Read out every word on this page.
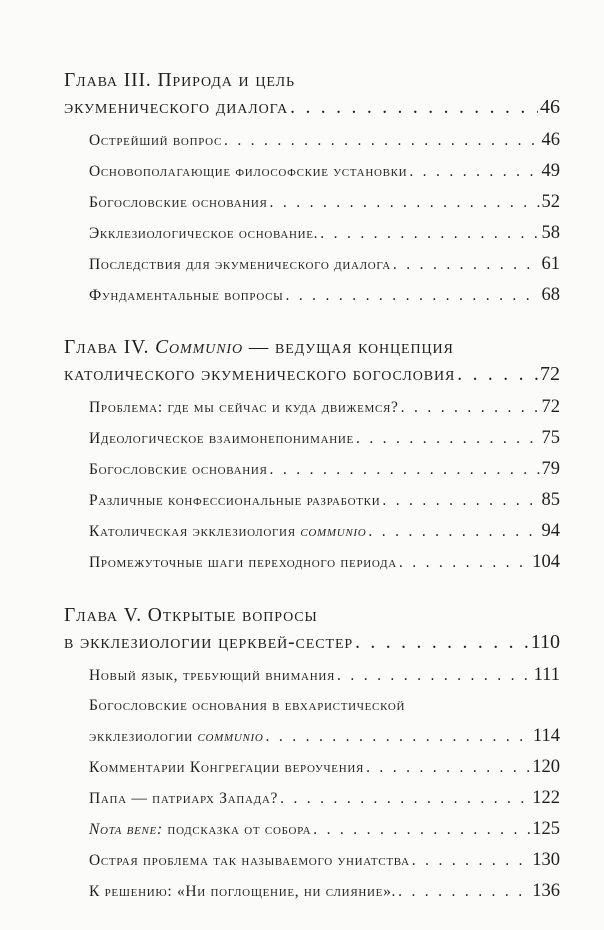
Глава III. Природа и цель
экуменического диалога . . .	46
Острейший вопрос . . .	46
Основополагающие философские установки . . .	49
Богословские основания . . .	52
Экклезиологическое основание. . . .	58
Последствия для экуменического диалога . . .	61
Фундаментальные вопросы . . .	68
Глава IV. Communio — ведущая концепция
католического экуменического богословия . . .	72
Проблема: где мы сейчас и куда движемся? . . .	72
Идеологическое взаимонепонимание . . .	75
Богословские основания . . .	79
Различные конфессиональные разработки . . .	85
Католическая экклезиология communio . . .	94
Промежуточные шаги переходного периода . . .	104
Глава V. Открытые вопросы
в экклезиологии церквей-сестер . . .	110
Новый язык, требующий внимания . . .	111
Богословские основания в евхаристической
экклезиологии communio . . .	114
Комментарии Конгрегации вероучения . . .	120
Папа — патриарх Запада? . . .	122
Nota bene: подсказка от собора . . .	125
Острая проблема так называемого униатства . . .	130
К решению: «Ни поглощение, ни слияние». . . .	136
